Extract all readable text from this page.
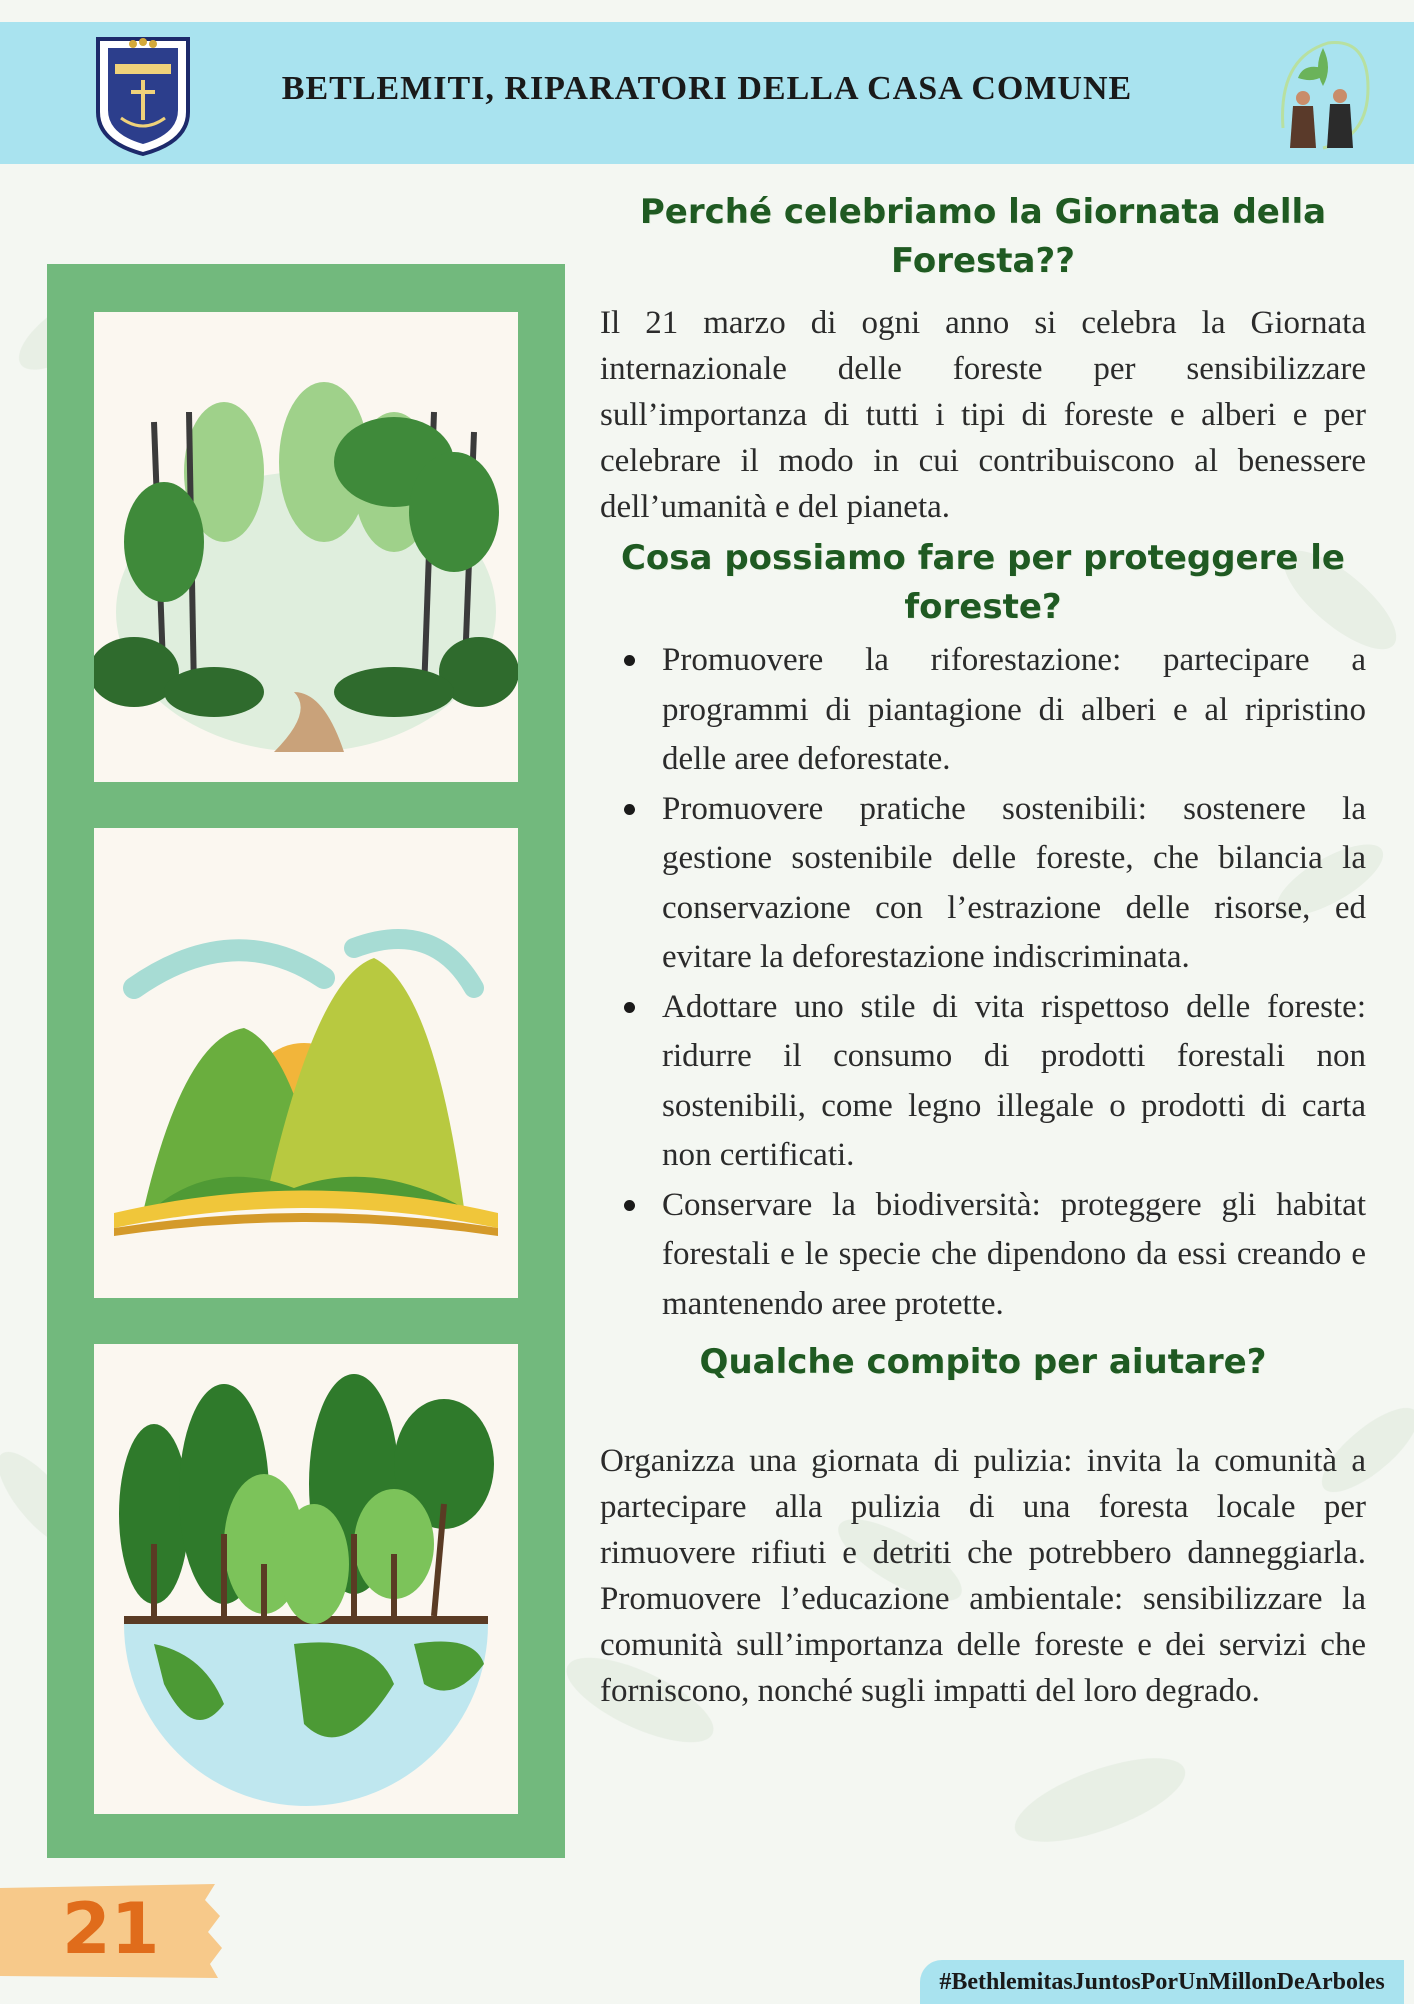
BETLEMITI, RIPARATORI DELLA CASA COMUNE
Perché celebriamo la Giornata della Foresta??

Il 21 marzo di ogni anno si celebra la Giornata internazionale delle foreste per sensibilizzare sull’importanza di tutti i tipi di foreste e alberi e per celebrare il modo in cui contribuiscono al benessere dell’umanità e del pianeta.

Cosa possiamo fare per proteggere le foreste?
Promuovere la riforestazione: partecipare a programmi di piantagione di alberi e al ripristino delle aree deforestate.
Promuovere pratiche sostenibili: sostenere la gestione sostenibile delle foreste, che bilancia la conservazione con l’estrazione delle risorse, ed evitare la deforestazione indiscriminata.
Adottare uno stile di vita rispettoso delle foreste: ridurre il consumo di prodotti forestali non sostenibili, come legno illegale o prodotti di carta non certificati.
Conservare la biodiversità: proteggere gli habitat forestali e le specie che dipendono da essi creando e mantenendo aree protette.
Qualche compito per aiutare?

Organizza una giornata di pulizia: invita la comunità a partecipare alla pulizia di una foresta locale per rimuovere rifiuti e detriti che potrebbero danneggiarla. Promuovere l’educazione ambientale: sensibilizzare la comunità sull’importanza delle foreste e dei servizi che forniscono, nonché sugli impatti del loro degrado.

21
#BethlemitasJuntosPorUnMillonDeArboles
